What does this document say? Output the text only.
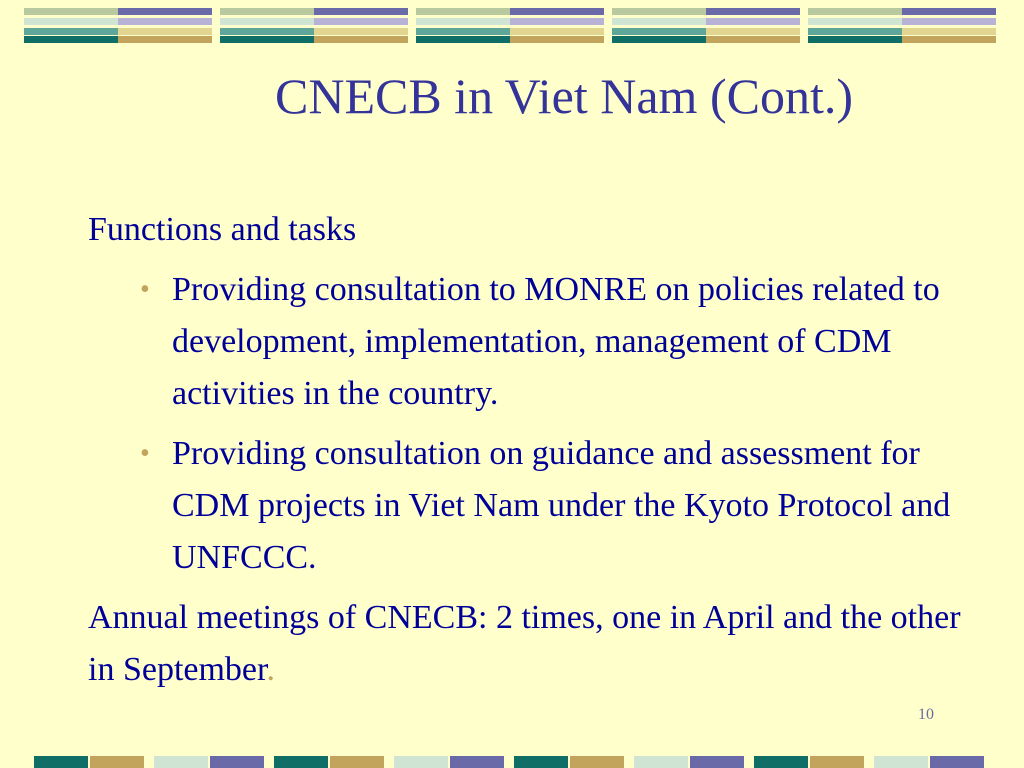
CNECB in Viet Nam (Cont.)

Functions and tasks

• Providing consultation to MONRE on policies related to development, implementation, management of CDM activities in the country.
• Providing consultation on guidance and assessment for CDM projects in Viet Nam under the Kyoto Protocol and UNFCCC.

Annual meetings of CNECB: 2 times, one in April and the other in September.

10
